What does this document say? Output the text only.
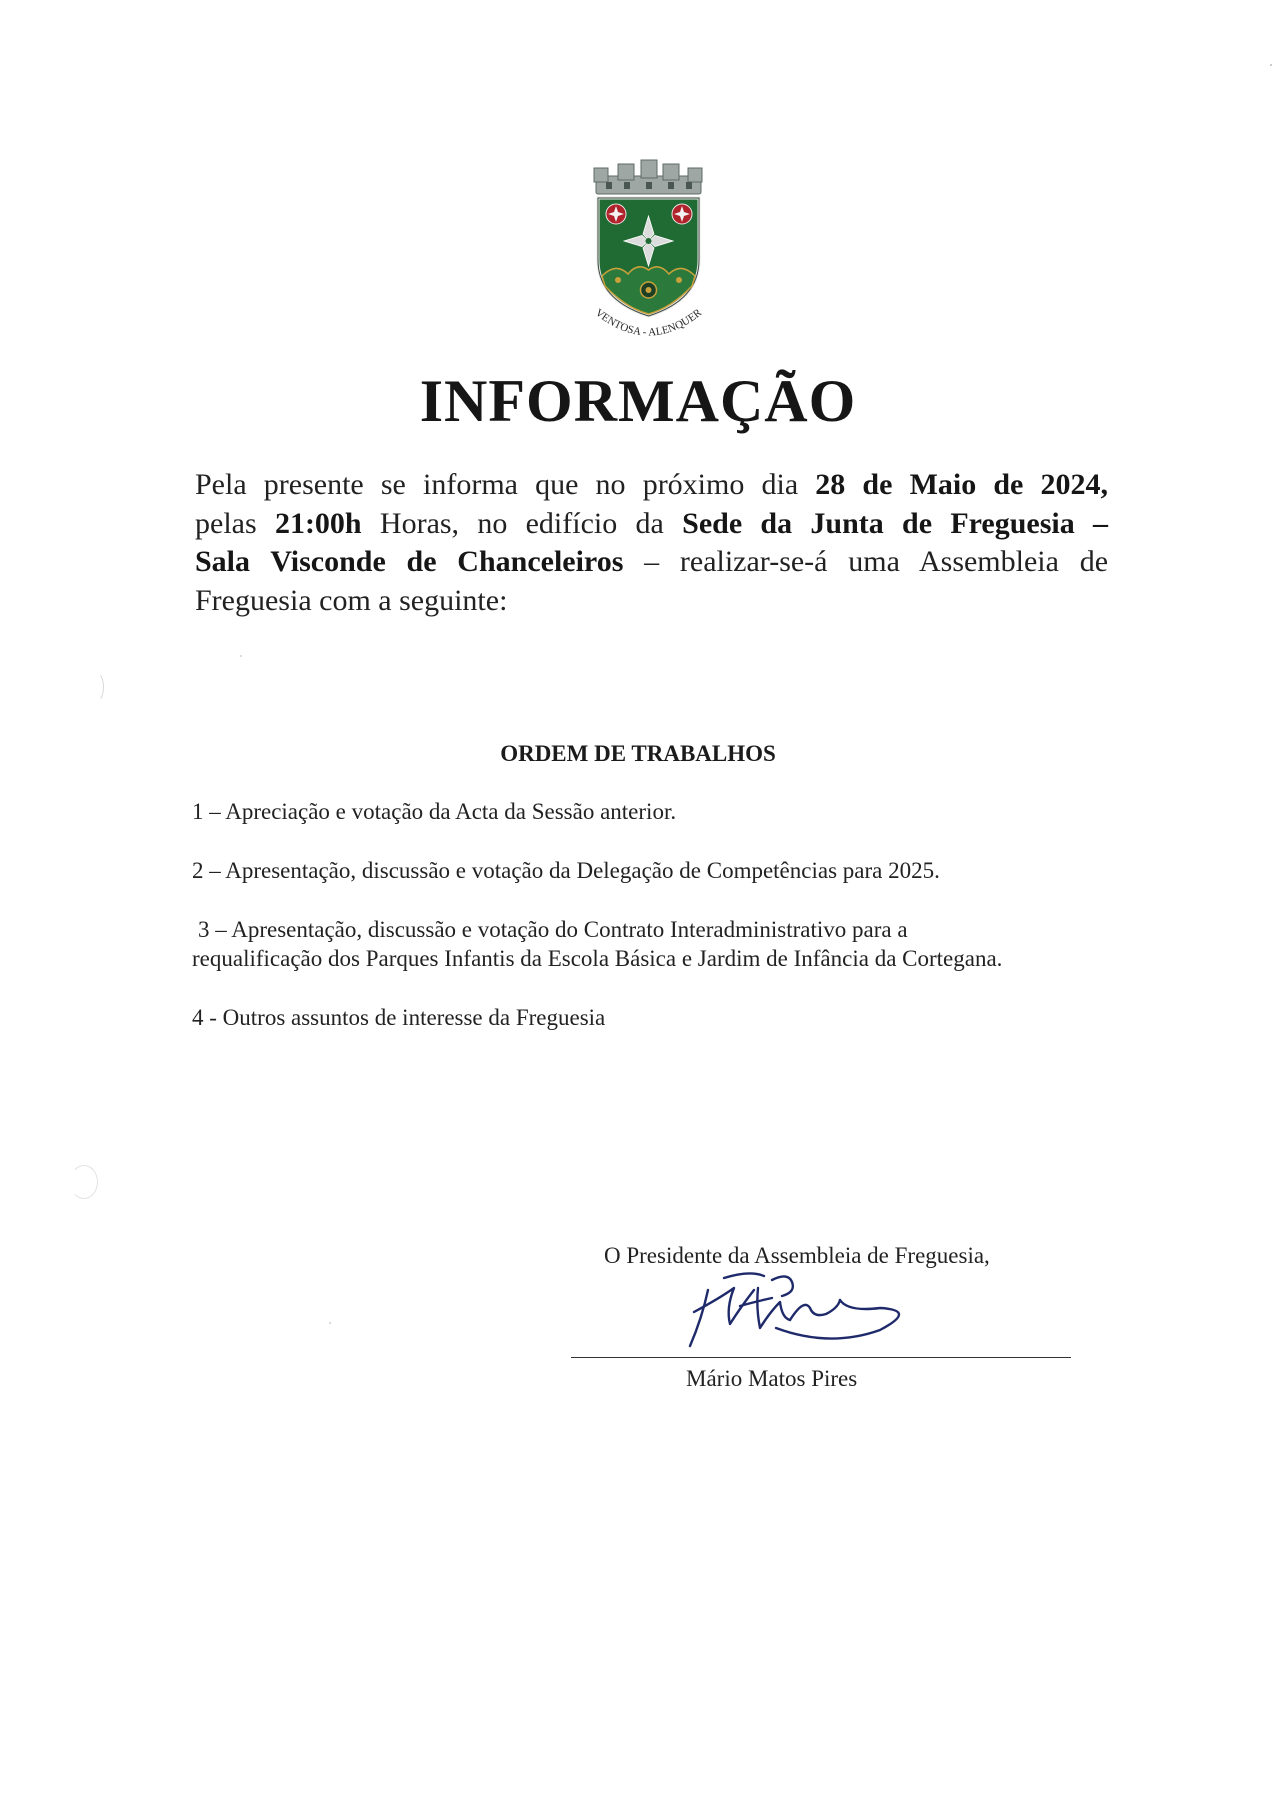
VENTOSA - ALENQUER
INFORMAÇÃO
Pela presente se informa que no próximo dia 28 de Maio de 2024,
pelas 21:00h Horas, no edifício da Sede da Junta de Freguesia –
Sala Visconde de Chanceleiros – realizar-se-á uma Assembleia de
Freguesia com a seguinte:
ORDEM DE TRABALHOS
1 – Apreciação e votação da Acta da Sessão anterior.
2 – Apresentação, discussão e votação da Delegação de Competências para 2025.
3 – Apresentação, discussão e votação do Contrato Interadministrativo para a
requalificação dos Parques Infantis da Escola Básica e Jardim de Infância da Cortegana.
4 - Outros assuntos de interesse da Freguesia
O Presidente da Assembleia de Freguesia,
Mário Matos Pires
